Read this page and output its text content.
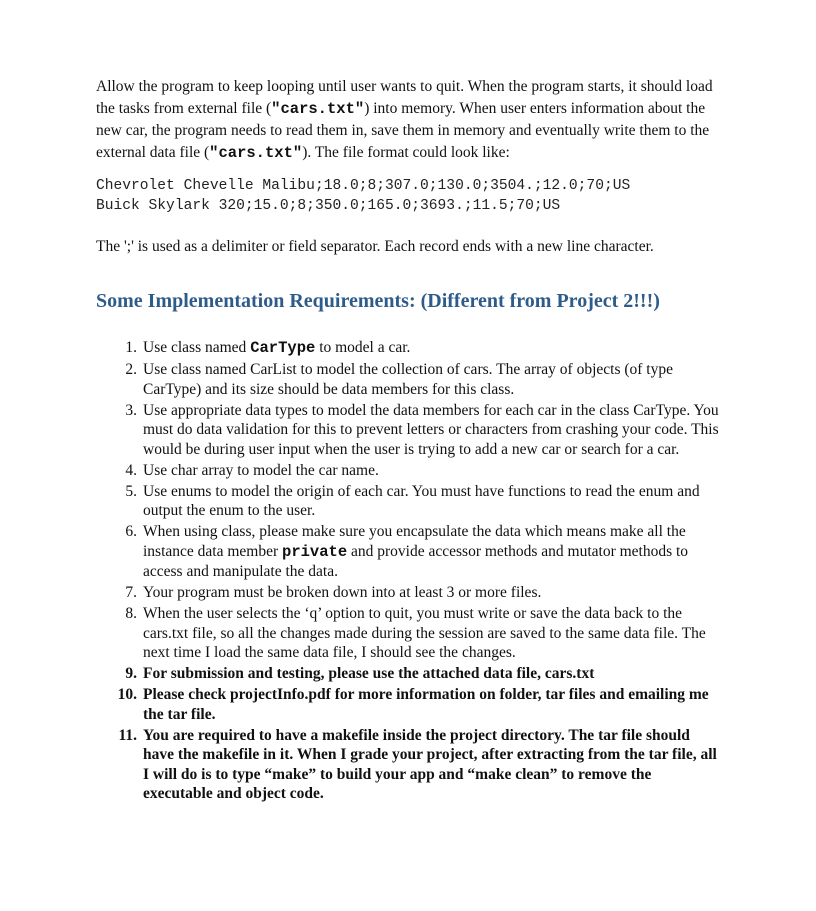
Allow the program to keep looping until user wants to quit. When the program starts, it should load the tasks from external file ("cars.txt") into memory. When user enters information about the new car, the program needs to read them in, save them in memory and eventually write them to the external data file ("cars.txt"). The file format could look like:

Chevrolet Chevelle Malibu;18.0;8;307.0;130.0;3504.;12.0;70;US
Buick Skylark 320;15.0;8;350.0;165.0;3693.;11.5;70;US

The ';' is used as a delimiter or field separator. Each record ends with a new line character.

Some Implementation Requirements: (Different from Project 2!!!)
1. Use class named CarType to model a car.
2. Use class named CarList to model the collection of cars. The array of objects (of type CarType) and its size should be data members for this class.
3. Use appropriate data types to model the data members for each car in the class CarType. You must do data validation for this to prevent letters or characters from crashing your code. This would be during user input when the user is trying to add a new car or search for a car.
4. Use char array to model the car name.
5. Use enums to model the origin of each car. You must have functions to read the enum and output the enum to the user.
6. When using class, please make sure you encapsulate the data which means make all the instance data member private and provide accessor methods and mutator methods to access and manipulate the data.
7. Your program must be broken down into at least 3 or more files.
8. When the user selects the ‘q’ option to quit, you must write or save the data back to the cars.txt file, so all the changes made during the session are saved to the same data file. The next time I load the same data file, I should see the changes.
9. For submission and testing, please use the attached data file, cars.txt
10. Please check projectInfo.pdf for more information on folder, tar files and emailing me the tar file.
11. You are required to have a makefile inside the project directory. The tar file should have the makefile in it. When I grade your project, after extracting from the tar file, all I will do is to type “make” to build your app and “make clean” to remove the executable and object code.
